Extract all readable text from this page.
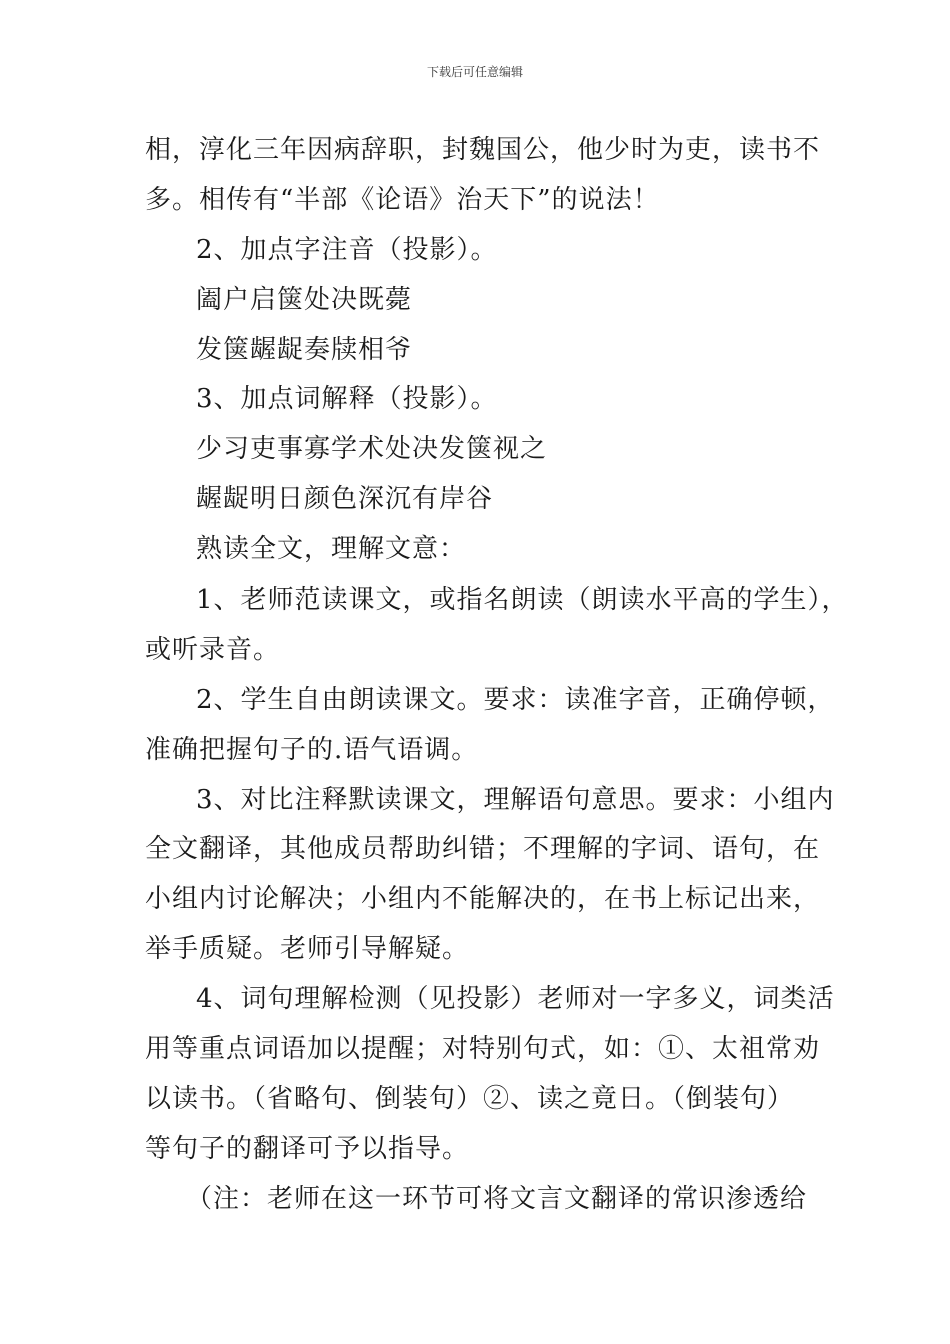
下载后可任意编辑
相，淳化三年因病辞职，封魏国公，他少时为吏，读书不
多。相传有“半部《论语》治天下”的说法！
2、加点字注音（投影）。
阖户启箧处决既薨
发箧龌龊奏牍相爷
3、加点词解释（投影）。
少习吏事寡学术处决发箧视之
龌龊明日颜色深沉有岸谷
熟读全文，理解文意：
1、老师范读课文，或指名朗读（朗读水平高的学生），
或听录音。
2、学生自由朗读课文。要求：读准字音，正确停顿，
准确把握句子的.语气语调。
3、对比注释默读课文，理解语句意思。要求：小组内
全文翻译，其他成员帮助纠错；不理解的字词、语句，在
小组内讨论解决；小组内不能解决的，在书上标记出来，
举手质疑。老师引导解疑。
4、词句理解检测（见投影）老师对一字多义，词类活
用等重点词语加以提醒；对特别句式，如：①、太祖常劝
以读书。（省略句、倒装句）②、读之竟日。（倒装句）
等句子的翻译可予以指导。
（注：老师在这一环节可将文言文翻译的常识渗透给
